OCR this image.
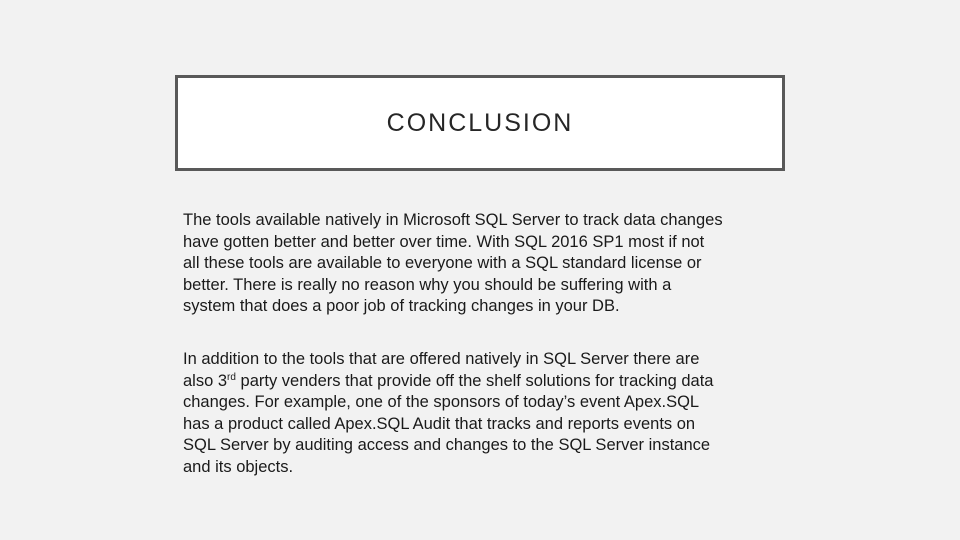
CONCLUSION

The tools available natively in Microsoft SQL Server to track data changes
have gotten better and better over time. With SQL 2016 SP1 most if not
all these tools are available to everyone with a SQL standard license or
better. There is really no reason why you should be suffering with a
system that does a poor job of tracking changes in your DB.

In addition to the tools that are offered natively in SQL Server there are
also 3rd party venders that provide off the shelf solutions for tracking data
changes. For example, one of the sponsors of today’s event Apex.SQL
has a product called Apex.SQL Audit that tracks and reports events on
SQL Server by auditing access and changes to the SQL Server instance
and its objects.
